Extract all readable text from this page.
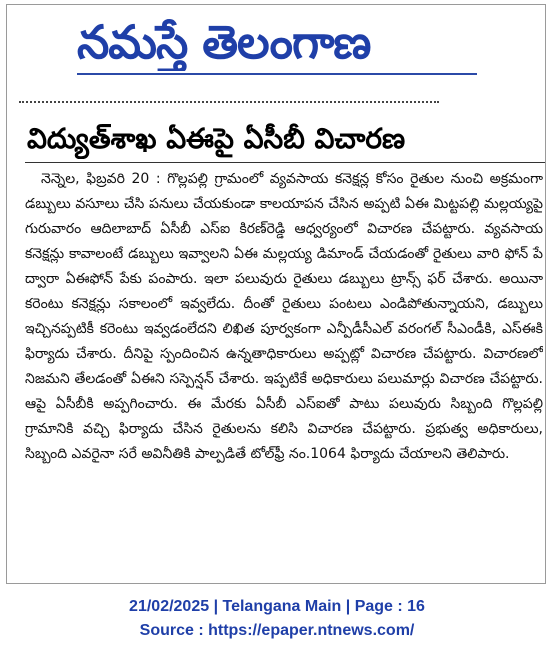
నమస్తే తెలంగాణ
విద్యుత్‌శాఖ ఏఈపై ఏసీబీ విచారణ

నెన్నెల, ఫిబ్రవరి 20 : గొల్లపల్లి గ్రామంలో వ్యవసాయ కనెక్షన్ల కోసం రైతుల నుంచి అక్రమంగా డబ్బులు వసూలు చేసి పనులు చేయకుండా కాలయాపన చేసిన అప్పటి ఏఈ మిట్టపల్లి మల్లయ్యపై గురువారం ఆదిలాబాద్‌ ఏసీబీ ఎస్‌ఐ కిరణ్‌రెడ్డి ఆధ్వర్యంలో విచారణ చేపట్టారు. వ్యవసాయ కనెక్షన్లు కావాలంటే డబ్బులు ఇవ్వాలని ఏఈ మల్లయ్య డిమాండ్‌ చేయడంతో రైతులు వారి ఫోన్‌ పే ద్వారా ఏఈఫోన్‌ పేకు పంపారు. ఇలా పలువురు రైతులు డబ్బులు ట్రాన్స్‌ ఫర్‌ చేశారు. అయినా కరెంటు కనెక్షన్లు సకాలంలో ఇవ్వలేదు. దీంతో రైతులు పంటలు ఎండిపోతున్నాయని, డబ్బులు ఇచ్చినప్పటికీ కరెంటు ఇవ్వడంలేదని లిఖిత పూర్వకంగా ఎన్పీడీసీఎల్‌ వరంగల్‌ సీఎండీకి, ఎస్‌ఈకి ఫిర్యాదు చేశారు. దీనిపై స్పందించిన ఉన్నతాధికారులు అప్పట్లో విచారణ చేపట్టారు. విచారణలో నిజమని తేలడంతో ఏఈని సస్పెన్షన్‌ చేశారు. ఇప్పటికే అధికారులు పలుమార్లు విచారణ చేపట్టారు. ఆపై ఏసీబీకి అప్పగించారు. ఈ మేరకు ఏసీబీ ఎస్‌ఐతో పాటు పలువురు సిబ్బంది గొల్లపల్లి గ్రామానికి వచ్చి ఫిర్యాదు చేసిన రైతులను కలిసి విచారణ చేపట్టారు. ప్రభుత్వ అధికారులు, సిబ్బంది ఎవరైనా సరే అవినీతికి పాల్పడితే టోల్‌ఫ్రీ నం.1064 ఫిర్యాదు చేయాలని తెలిపారు.

21/02/2025 | Telangana Main | Page : 16
Source : https://epaper.ntnews.com/
